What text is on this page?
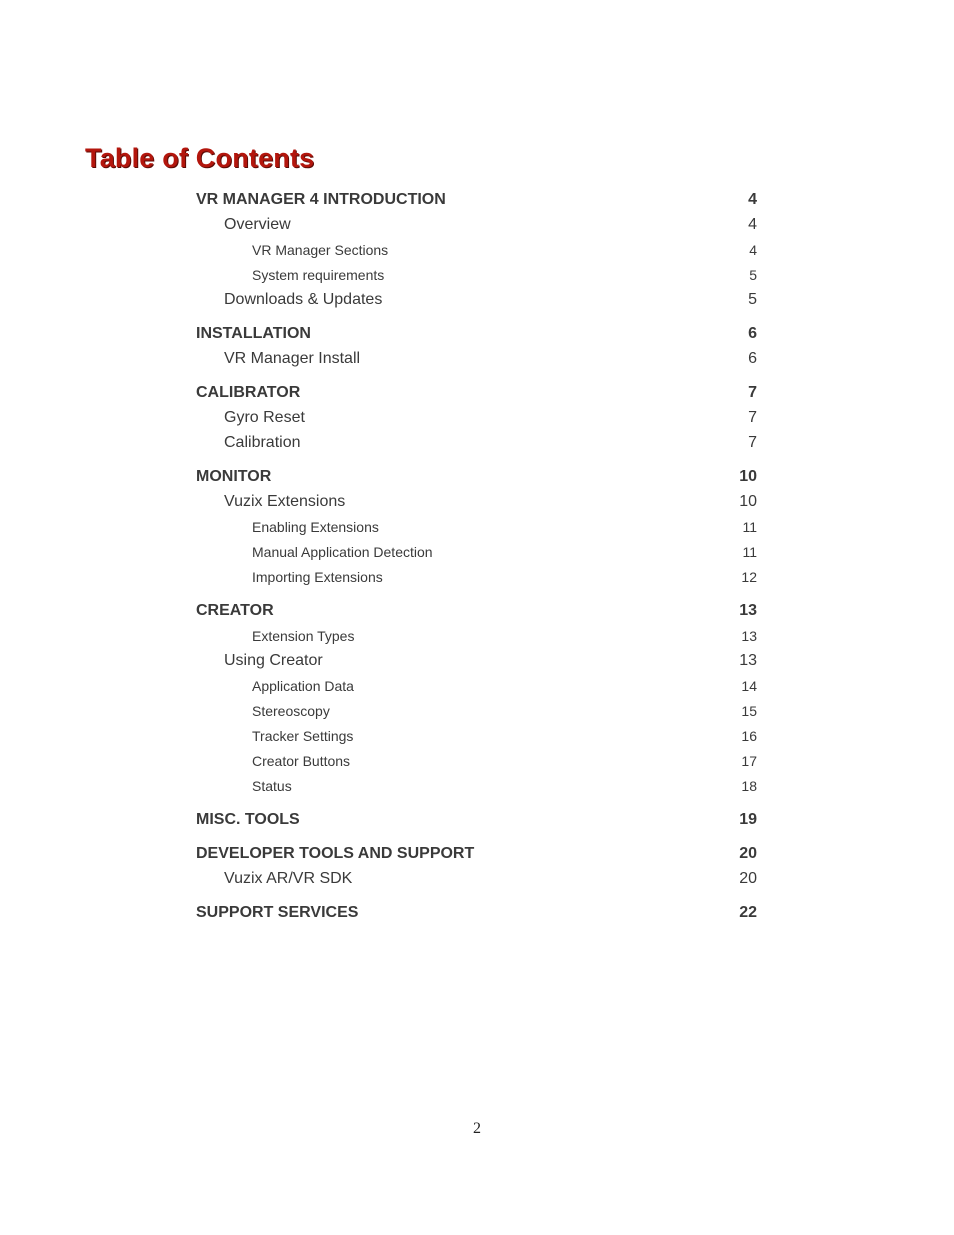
Table of Contents
VR MANAGER 4 INTRODUCTION	4
Overview	4
VR Manager Sections	4
System requirements	5
Downloads & Updates	5
INSTALLATION	6
VR Manager Install	6
CALIBRATOR	7
Gyro Reset	7
Calibration	7
MONITOR	10
Vuzix Extensions	10
Enabling Extensions	11
Manual Application Detection	11
Importing Extensions	12
CREATOR	13
Extension Types	13
Using Creator	13
Application Data	14
Stereoscopy	15
Tracker Settings	16
Creator Buttons	17
Status	18
MISC. TOOLS	19
DEVELOPER TOOLS AND SUPPORT	20
Vuzix AR/VR SDK	20
SUPPORT SERVICES	22
2
